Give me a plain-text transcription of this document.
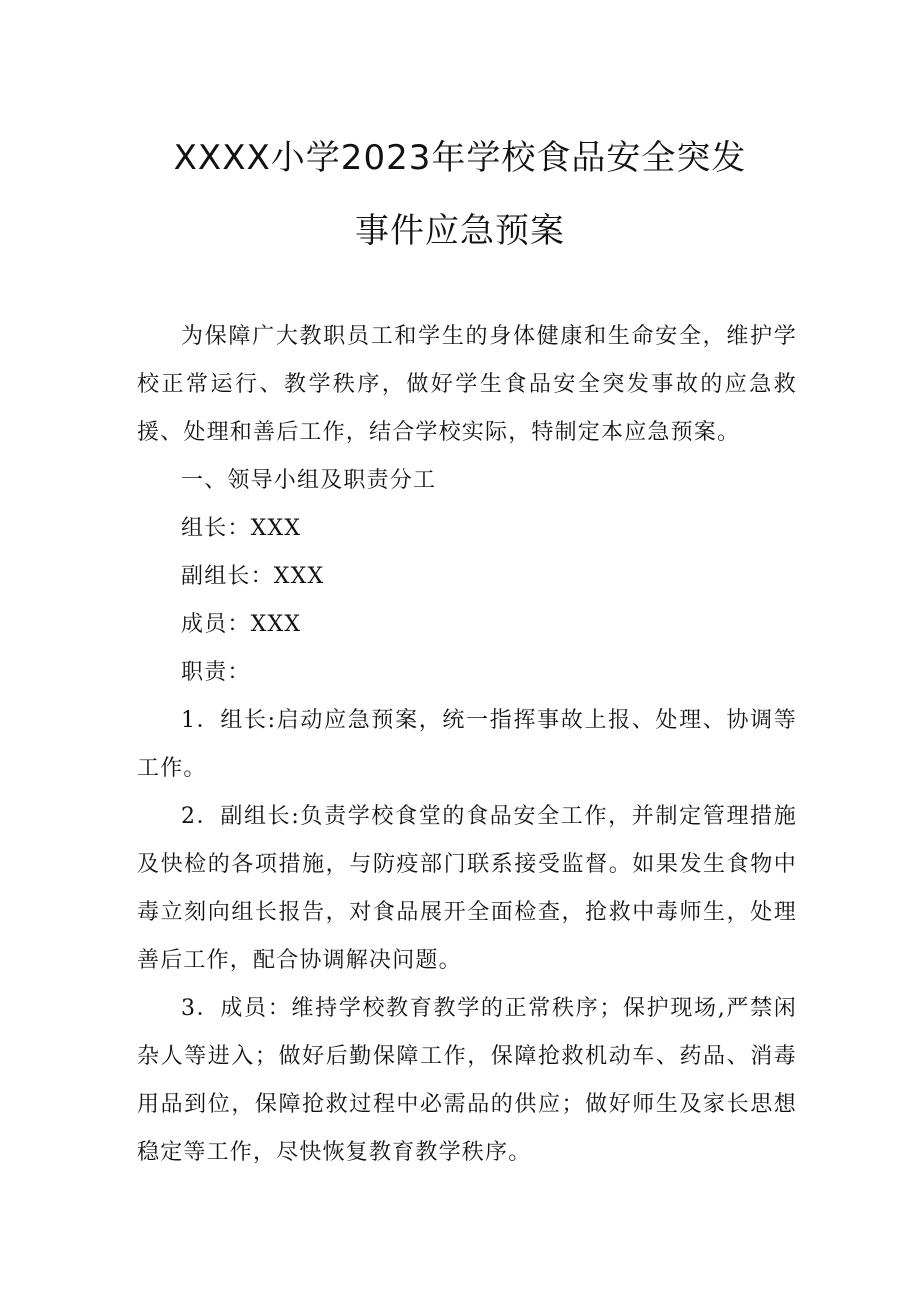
XXXX小学2023年学校食品安全突发
事件应急预案

为保障广大教职员工和学生的身体健康和生命安全，维护学校正常运行、教学秩序，做好学生食品安全突发事故的应急救援、处理和善后工作，结合学校实际，特制定本应急预案。

一、领导小组及职责分工

组长：XXX

副组长：XXX

成员：XXX

职责：

1．组长:启动应急预案，统一指挥事故上报、处理、协调等工作。

2．副组长:负责学校食堂的食品安全工作，并制定管理措施及快检的各项措施，与防疫部门联系接受监督。如果发生食物中毒立刻向组长报告，对食品展开全面检查，抢救中毒师生，处理善后工作，配合协调解决问题。

3．成员：维持学校教育教学的正常秩序；保护现场,严禁闲杂人等进入；做好后勤保障工作，保障抢救机动车、药品、消毒用品到位，保障抢救过程中必需品的供应；做好师生及家长思想稳定等工作，尽快恢复教育教学秩序。
